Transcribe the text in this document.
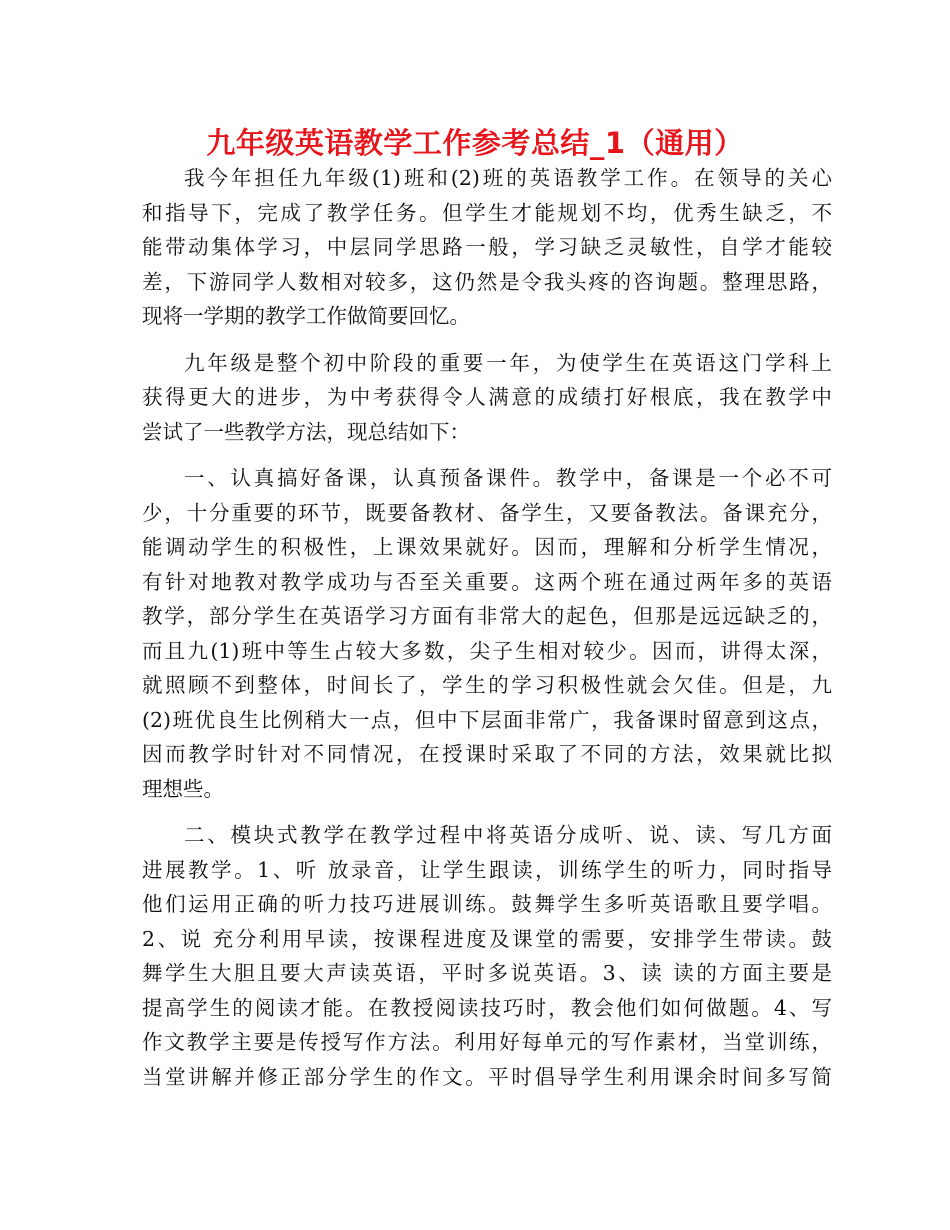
九年级英语教学工作参考总结_1（通用）
我今年担任九年级(1)班和(2)班的英语教学工作。在领导的关心
和指导下，完成了教学任务。但学生才能规划不均，优秀生缺乏，不
能带动集体学习，中层同学思路一般，学习缺乏灵敏性，自学才能较
差，下游同学人数相对较多，这仍然是令我头疼的咨询题。整理思路，
现将一学期的教学工作做简要回忆。
九年级是整个初中阶段的重要一年，为使学生在英语这门学科上
获得更大的进步，为中考获得令人满意的成绩打好根底，我在教学中
尝试了一些教学方法，现总结如下：
一、认真搞好备课，认真预备课件。教学中，备课是一个必不可
少，十分重要的环节，既要备教材、备学生，又要备教法。备课充分，
能调动学生的积极性，上课效果就好。因而，理解和分析学生情况，
有针对地教对教学成功与否至关重要。这两个班在通过两年多的英语
教学，部分学生在英语学习方面有非常大的起色，但那是远远缺乏的，
而且九(1)班中等生占较大多数，尖子生相对较少。因而，讲得太深，
就照顾不到整体，时间长了，学生的学习积极性就会欠佳。但是，九
(2)班优良生比例稍大一点，但中下层面非常广，我备课时留意到这点，
因而教学时针对不同情况，在授课时采取了不同的方法，效果就比拟
理想些。
二、模块式教学在教学过程中将英语分成听、说、读、写几方面
进展教学。1、听 放录音，让学生跟读，训练学生的听力，同时指导
他们运用正确的听力技巧进展训练。鼓舞学生多听英语歌且要学唱。
2、说 充分利用早读，按课程进度及课堂的需要，安排学生带读。鼓
舞学生大胆且要大声读英语，平时多说英语。3、读 读的方面主要是
提高学生的阅读才能。在教授阅读技巧时，教会他们如何做题。4、写
作文教学主要是传授写作方法。利用好每单元的写作素材，当堂训练，
当堂讲解并修正部分学生的作文。平时倡导学生利用课余时间多写简
